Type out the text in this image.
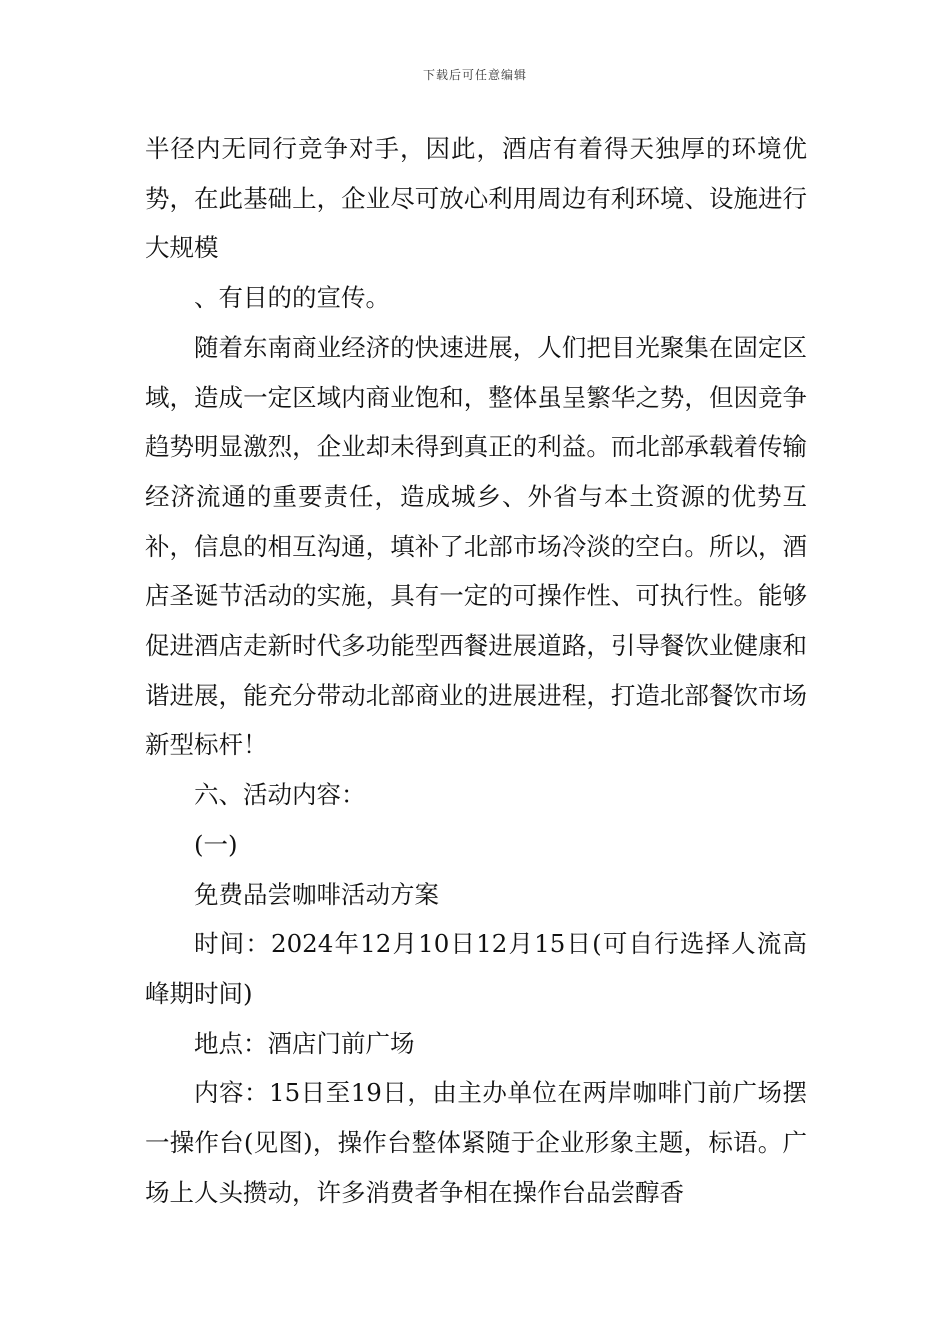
下载后可任意编辑

半径内无同行竞争对手，因此，酒店有着得天独厚的环境优势，在此基础上，企业尽可放心利用周边有利环境、设施进行大规模

、有目的的宣传。

随着东南商业经济的快速进展，人们把目光聚集在固定区域，造成一定区域内商业饱和，整体虽呈繁华之势，但因竞争趋势明显激烈，企业却未得到真正的利益。而北部承载着传输经济流通的重要责任，造成城乡、外省与本土资源的优势互补，信息的相互沟通，填补了北部市场冷淡的空白。所以，酒店圣诞节活动的实施，具有一定的可操作性、可执行性。能够促进酒店走新时代多功能型西餐进展道路，引导餐饮业健康和谐进展，能充分带动北部商业的进展进程，打造北部餐饮市场新型标杆！

六、活动内容：

(一)

免费品尝咖啡活动方案

时间：2024年12月10日12月15日(可自行选择人流高峰期时间)

地点：酒店门前广场

内容：15日至19日，由主办单位在两岸咖啡门前广场摆一操作台(见图)，操作台整体紧随于企业形象主题，标语。广场上人头攒动，许多消费者争相在操作台品尝醇香
